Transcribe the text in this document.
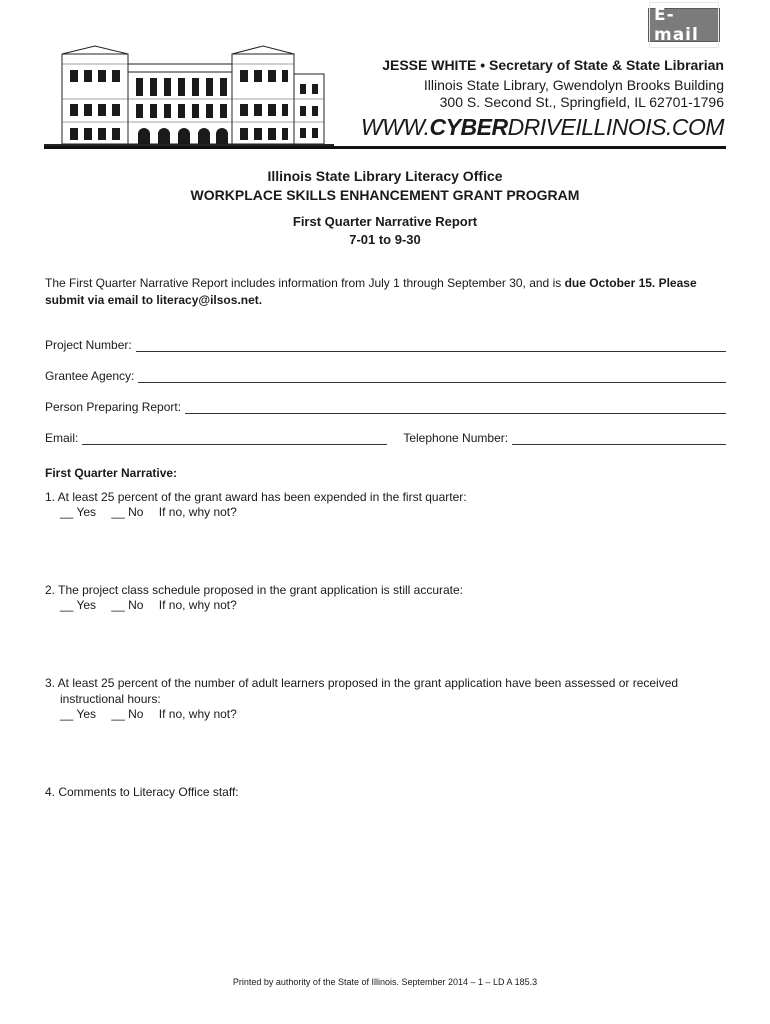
E-mail
JESSE WHITE • Secretary of State & State Librarian
Illinois State Library, Gwendolyn Brooks Building
300 S. Second St., Springfield, IL 62701-1796
WWW.CYBERDRIVEILLINOIS.COM
Illinois State Library Literacy Office
WORKPLACE SKILLS ENHANCEMENT GRANT PROGRAM
First Quarter Narrative Report
7-01 to 9-30
The First Quarter Narrative Report includes information from July 1 through September 30, and is due October 15. Please submit via email to literacy@ilsos.net.
Project Number:
Grantee Agency:
Person Preparing Report:
Email:	Telephone Number:
First Quarter Narrative:
1. At least 25 percent of the grant award has been expended in the first quarter:
__ Yes __ No If no, why not?
2. The project class schedule proposed in the grant application is still accurate:
__ Yes __ No If no, why not?
3. At least 25 percent of the number of adult learners proposed in the grant application have been assessed or received
instructional hours:
__ Yes __ No If no, why not?
4. Comments to Literacy Office staff:
Printed by authority of the State of Illinois. September 2014 – 1 – LD A 185.3
